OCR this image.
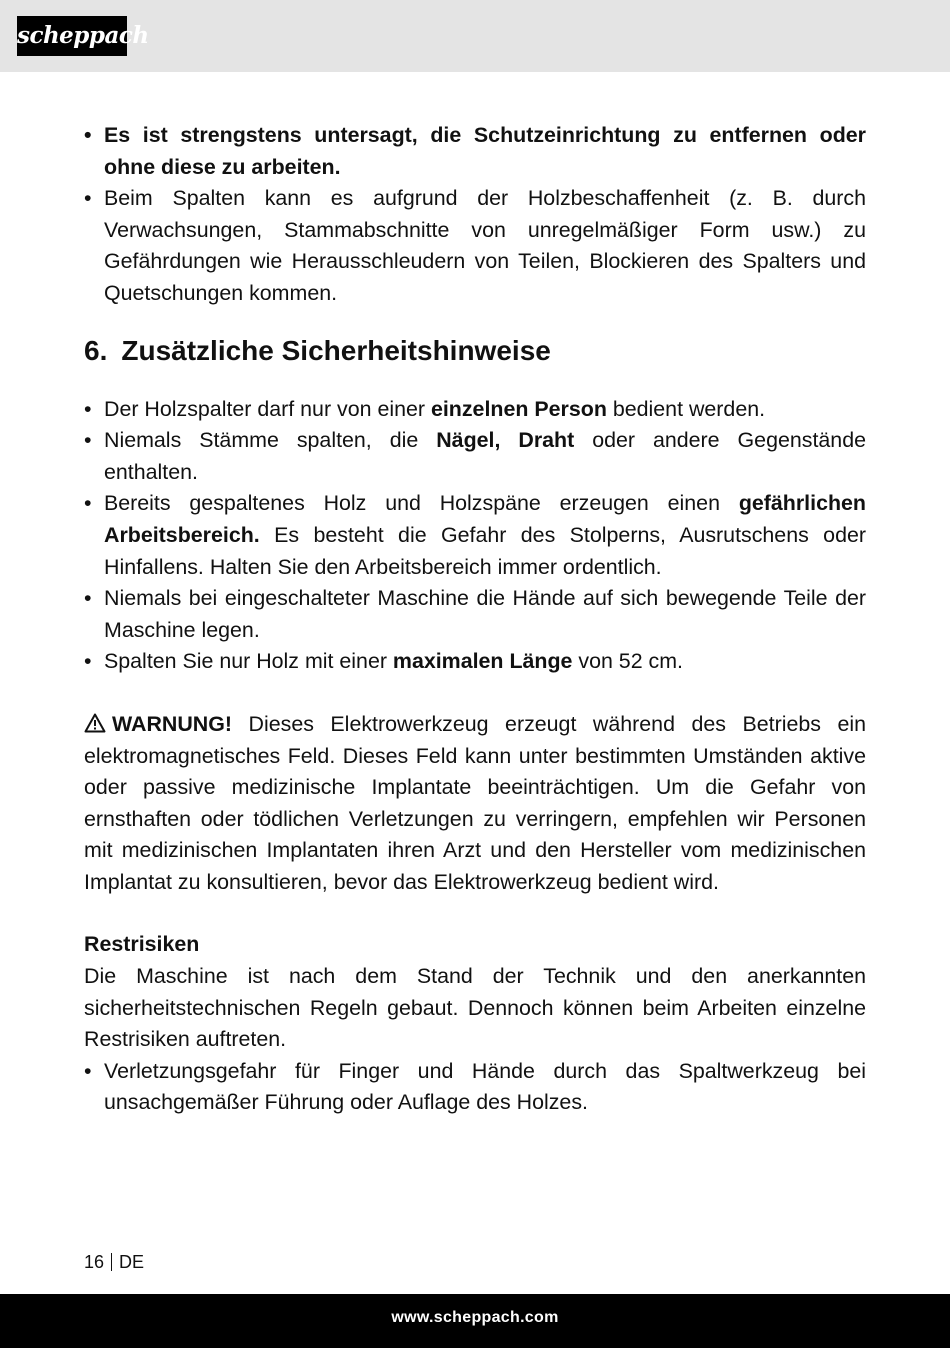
scheppach
• Es ist strengstens untersagt, die Schutzeinrichtung zu entfernen oder ohne diese zu arbeiten.
• Beim Spalten kann es aufgrund der Holzbeschaffenheit (z. B. durch Verwachsungen, Stammabschnitte von unregelmäßiger Form usw.) zu Gefährdungen wie Herausschleudern von Teilen, Blockieren des Spalters und Quetschungen kommen.
6. Zusätzliche Sicherheitshinweise
• Der Holzspalter darf nur von einer einzelnen Person bedient werden.
• Niemals Stämme spalten, die Nägel, Draht oder andere Gegenstände enthalten.
• Bereits gespaltenes Holz und Holzspäne erzeugen einen gefährlichen Arbeitsbereich. Es besteht die Gefahr des Stolperns, Ausrutschens oder Hinfallens. Halten Sie den Arbeitsbereich immer ordentlich.
• Niemals bei eingeschalteter Maschine die Hände auf sich bewegende Teile der Maschine legen.
• Spalten Sie nur Holz mit einer maximalen Länge von 52 cm.

WARNUNG! Dieses Elektrowerkzeug erzeugt während des Betriebs ein elektromagnetisches Feld. Dieses Feld kann unter bestimmten Umständen aktive oder passive medizinische Implantate beeinträchtigen. Um die Gefahr von ernsthaften oder tödlichen Verletzungen zu verringern, empfehlen wir Personen mit medizinischen Implantaten ihren Arzt und den Hersteller vom medizinischen Implantat zu konsultieren, bevor das Elektrowerkzeug bedient wird.

Restrisiken

Die Maschine ist nach dem Stand der Technik und den anerkannten sicherheitstechnischen Regeln gebaut. Dennoch können beim Arbeiten einzelne Restrisiken auftreten.

• Verletzungsgefahr für Finger und Hände durch das Spaltwerkzeug bei unsachgemäßer Führung oder Auflage des Holzes.
16 DE
www.scheppach.com
